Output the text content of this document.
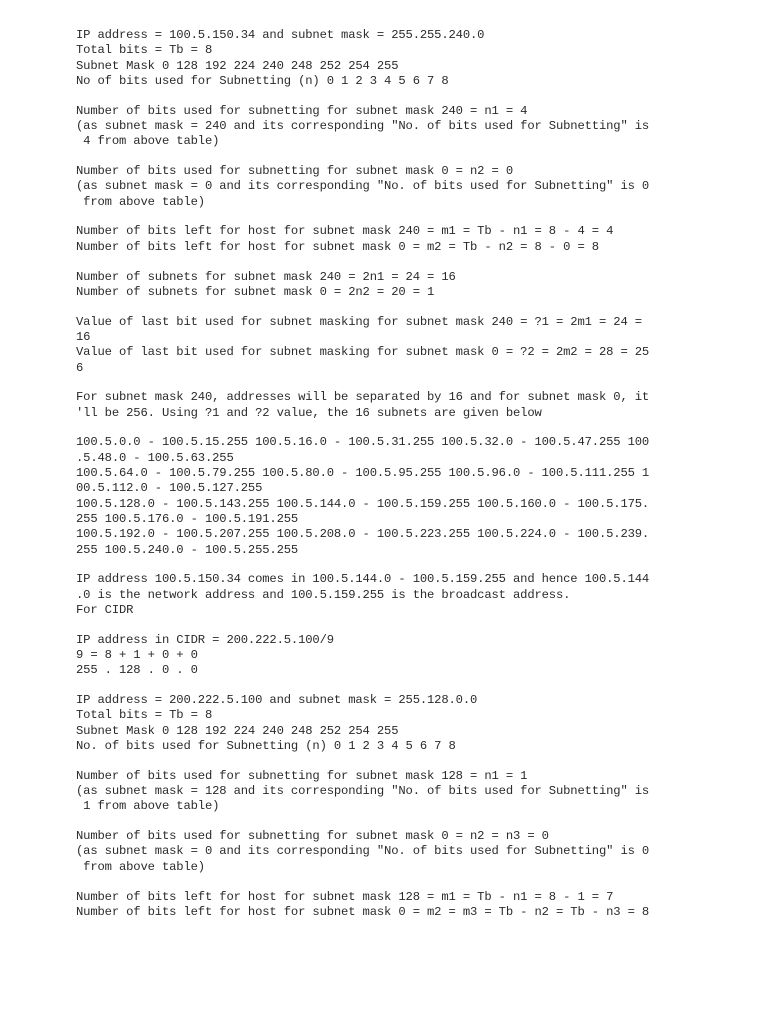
IP address = 100.5.150.34 and subnet mask = 255.255.240.0
Total bits = Tb = 8
Subnet Mask 0 128 192 224 240 248 252 254 255
No of bits used for Subnetting (n) 0 1 2 3 4 5 6 7 8
Number of bits used for subnetting for subnet mask 240 = n1 = 4
(as subnet mask = 240 and its corresponding "No. of bits used for Subnetting" is
4 from above table)
Number of bits used for subnetting for subnet mask 0 = n2 = 0
(as subnet mask = 0 and its corresponding "No. of bits used for Subnetting" is 0
from above table)
Number of bits left for host for subnet mask 240 = m1 = Tb - n1 = 8 - 4 = 4
Number of bits left for host for subnet mask 0 = m2 = Tb - n2 = 8 - 0 = 8
Number of subnets for subnet mask 240 = 2n1 = 24 = 16
Number of subnets for subnet mask 0 = 2n2 = 20 = 1
Value of last bit used for subnet masking for subnet mask 240 = ?1 = 2m1 = 24 =
16
Value of last bit used for subnet masking for subnet mask 0 = ?2 = 2m2 = 28 = 25
6
For subnet mask 240, addresses will be separated by 16 and for subnet mask 0, it
'll be 256. Using ?1 and ?2 value, the 16 subnets are given below
100.5.0.0 - 100.5.15.255 100.5.16.0 - 100.5.31.255 100.5.32.0 - 100.5.47.255 100
.5.48.0 - 100.5.63.255
100.5.64.0 - 100.5.79.255 100.5.80.0 - 100.5.95.255 100.5.96.0 - 100.5.111.255 1
00.5.112.0 - 100.5.127.255
100.5.128.0 - 100.5.143.255 100.5.144.0 - 100.5.159.255 100.5.160.0 - 100.5.175.
255 100.5.176.0 - 100.5.191.255
100.5.192.0 - 100.5.207.255 100.5.208.0 - 100.5.223.255 100.5.224.0 - 100.5.239.
255 100.5.240.0 - 100.5.255.255
IP address 100.5.150.34 comes in 100.5.144.0 - 100.5.159.255 and hence 100.5.144
.0 is the network address and 100.5.159.255 is the broadcast address.
For CIDR
IP address in CIDR = 200.222.5.100/9
9 = 8 + 1 + 0 + 0
255 . 128 . 0 . 0
IP address = 200.222.5.100 and subnet mask = 255.128.0.0
Total bits = Tb = 8
Subnet Mask 0 128 192 224 240 248 252 254 255
No. of bits used for Subnetting (n) 0 1 2 3 4 5 6 7 8
Number of bits used for subnetting for subnet mask 128 = n1 = 1
(as subnet mask = 128 and its corresponding "No. of bits used for Subnetting" is
1 from above table)
Number of bits used for subnetting for subnet mask 0 = n2 = n3 = 0
(as subnet mask = 0 and its corresponding "No. of bits used for Subnetting" is 0
from above table)
Number of bits left for host for subnet mask 128 = m1 = Tb - n1 = 8 - 1 = 7
Number of bits left for host for subnet mask 0 = m2 = m3 = Tb - n2 = Tb - n3 = 8
